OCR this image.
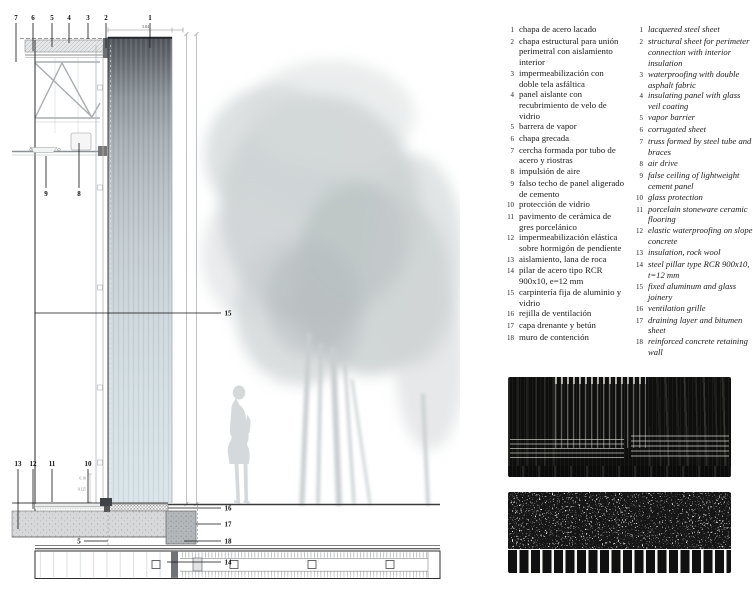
3.84
0.10
0.125
7 6 5 4 3 2	1
9	8
15
13 12 11	10
5
16
17
18
14
1 chapa de acero lacado
2 chapa estructural para unión perimetral con aislamiento interior
3 impermeabilización con doble tela asfáltica
4 panel aislante con recubrimiento de velo de vidrio
5 barrera de vapor
6 chapa grecada
7 cercha formada por tubo de acero y riostras
8 impulsión de aire
9 falso techo de panel aligerado de cemento
10 protección de vidrio
11 pavimento de cerámica de gres porcelánico
12 impermeabilización elástica sobre hormigón de pendiente
13 aislamiento, lana de roca
14 pilar de acero tipo RCR 900x10, e=12 mm
15 carpintería fija de aluminio y vidrio
16 rejilla de ventilación
17 capa drenante y betún
18 muro de contención
1 lacquered steel sheet
2 structural sheet for perimeter connection with interior insulation
3 waterproofing with double asphalt fabric
4 insulating panel with glass veil coating
5 vapor barrier
6 corrugated sheet
7 truss formed by steel tube and braces
8 air drive
9 false ceiling of lightweight cement panel
10 glass protection
11 porcelain stoneware ceramic flooring
12 elastic waterproofing on slope concrete
13 insulation, rock wool
14 steel pillar type RCR 900x10, t=12 mm
15 fixed aluminum and glass joinery
16 ventilation grille
17 draining layer and bitumen sheet
18 reinforced concrete retaining wall
